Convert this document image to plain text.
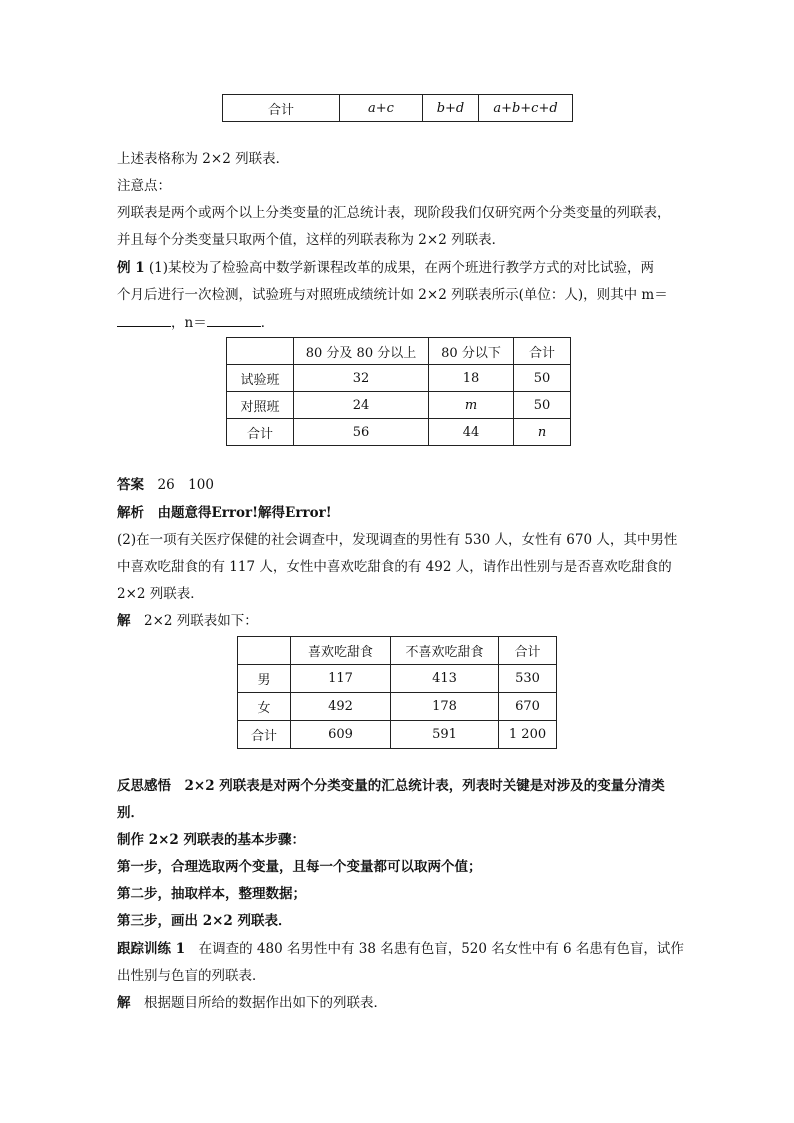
合计	a+c	b+d	a+b+c+d
上述表格称为 2×2 列联表．
注意点：
列联表是两个或两个以上分类变量的汇总统计表，现阶段我们仅研究两个分类变量的列联表，
并且每个分类变量只取两个值，这样的列联表称为 2×2 列联表．
例 1 (1)某校为了检验高中数学新课程改革的成果，在两个班进行教学方式的对比试验，两
个月后进行一次检测，试验班与对照班成绩统计如 2×2 列联表所示(单位：人)，则其中 m＝
，n＝	．
	80 分及 80 分以上	80 分以下	合计
试验班	32	18	50
对照班	24	m	50
合计	56	44	n
答案　 26　100
解析　 由题意得Error!解得Error!
(2)在一项有关医疗保健的社会调查中，发现调查的男性有 530 人，女性有 670 人，其中男性
中喜欢吃甜食的有 117 人，女性中喜欢吃甜食的有 492 人，请作出性别与是否喜欢吃甜食的
2×2 列联表．
解　 2×2 列联表如下：
	喜欢吃甜食	不喜欢吃甜食	合计
男	117	413	530
女	492	178	670
合计	609	591	1 200
反思感悟　 2×2 列联表是对两个分类变量的汇总统计表，列表时关键是对涉及的变量分清类
别．
制作 2×2 列联表的基本步骤：
第一步，合理选取两个变量，且每一个变量都可以取两个值；
第二步，抽取样本，整理数据；
第三步，画出 2×2 列联表．
跟踪训练 1　 在调查的 480 名男性中有 38 名患有色盲，520 名女性中有 6 名患有色盲，试作
出性别与色盲的列联表．
解　 根据题目所给的数据作出如下的列联表．
